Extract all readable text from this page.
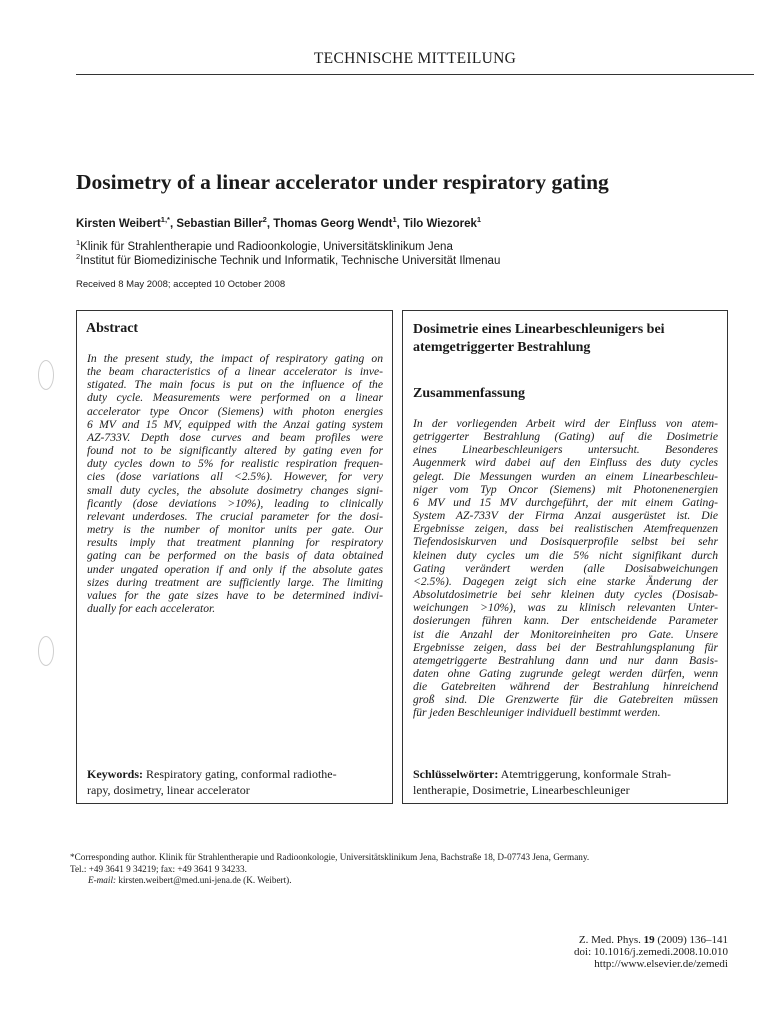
TECHNISCHE MITTEILUNG
Dosimetry of a linear accelerator under respiratory gating
Kirsten Weibert$^{1,*}$, Sebastian Biller$^2$, Thomas Georg Wendt$^1$, Tilo Wiezorek$^1$
$^1$Klinik für Strahlentherapie und Radioonkologie, Universitätsklinikum Jena
$^2$Institut für Biomedizinische Technik und Informatik, Technische Universität Ilmenau
Received 8 May 2008; accepted 10 October 2008
Abstract
In the present study, the impact of respiratory gating on
the beam characteristics of a linear accelerator is inve-
stigated. The main focus is put on the influence of the
duty cycle. Measurements were performed on a linear
accelerator type Oncor (Siemens) with photon energies
6 MV and 15 MV, equipped with the Anzai gating system
AZ-733V. Depth dose curves and beam profiles were
found not to be significantly altered by gating even for
duty cycles down to 5% for realistic respiration frequen-
cies (dose variations all <2.5%). However, for very
small duty cycles, the absolute dosimetry changes signi-
ficantly (dose deviations >10%), leading to clinically
relevant underdoses. The crucial parameter for the dosi-
metry is the number of monitor units per gate. Our
results imply that treatment planning for respiratory
gating can be performed on the basis of data obtained
under ungated operation if and only if the absolute gates
sizes during treatment are sufficiently large. The limiting
values for the gate sizes have to be determined indivi-
dually for each accelerator.
Keywords: Respiratory gating, conformal radiothe-
rapy, dosimetry, linear accelerator
Dosimetrie eines Linearbeschleunigers bei
atemgetriggerter Bestrahlung
Zusammenfassung
In der vorliegenden Arbeit wird der Einfluss von atem-
getriggerter Bestrahlung (Gating) auf die Dosimetrie
eines Linearbeschleunigers untersucht. Besonderes
Augenmerk wird dabei auf den Einfluss des duty cycles
gelegt. Die Messungen wurden an einem Linearbeschleu-
niger vom Typ Oncor (Siemens) mit Photonenenergien
6 MV und 15 MV durchgeführt, der mit einem Gating-
System AZ-733V der Firma Anzai ausgerüstet ist. Die
Ergebnisse zeigen, dass bei realistischen Atemfrequenzen
Tiefendosiskurven und Dosisquerprofile selbst bei sehr
kleinen duty cycles um die 5% nicht signifikant durch
Gating verändert werden (alle Dosisabweichungen
<2.5%). Dagegen zeigt sich eine starke Änderung der
Absolutdosimetrie bei sehr kleinen duty cycles (Dosisab-
weichungen >10%), was zu klinisch relevanten Unter-
dosierungen führen kann. Der entscheidende Parameter
ist die Anzahl der Monitoreinheiten pro Gate. Unsere
Ergebnisse zeigen, dass bei der Bestrahlungsplanung für
atemgetriggerte Bestrahlung dann und nur dann Basis-
daten ohne Gating zugrunde gelegt werden dürfen, wenn
die Gatebreiten während der Bestrahlung hinreichend
groß sind. Die Grenzwerte für die Gatebreiten müssen
für jeden Beschleuniger individuell bestimmt werden.
Schlüsselwörter: Atemtriggerung, konformale Strah-
lentherapie, Dosimetrie, Linearbeschleuniger
*Corresponding author. Klinik für Strahlentherapie und Radioonkologie, Universitätsklinikum Jena, Bachstraße 18, D-07743 Jena, Germany.
Tel.: +49 3641 9 34219; fax: +49 3641 9 34233.
E-mail: kirsten.weibert@med.uni-jena.de (K. Weibert).
Z. Med. Phys. 19 (2009) 136–141
doi: 10.1016/j.zemedi.2008.10.010
http://www.elsevier.de/zemedi
